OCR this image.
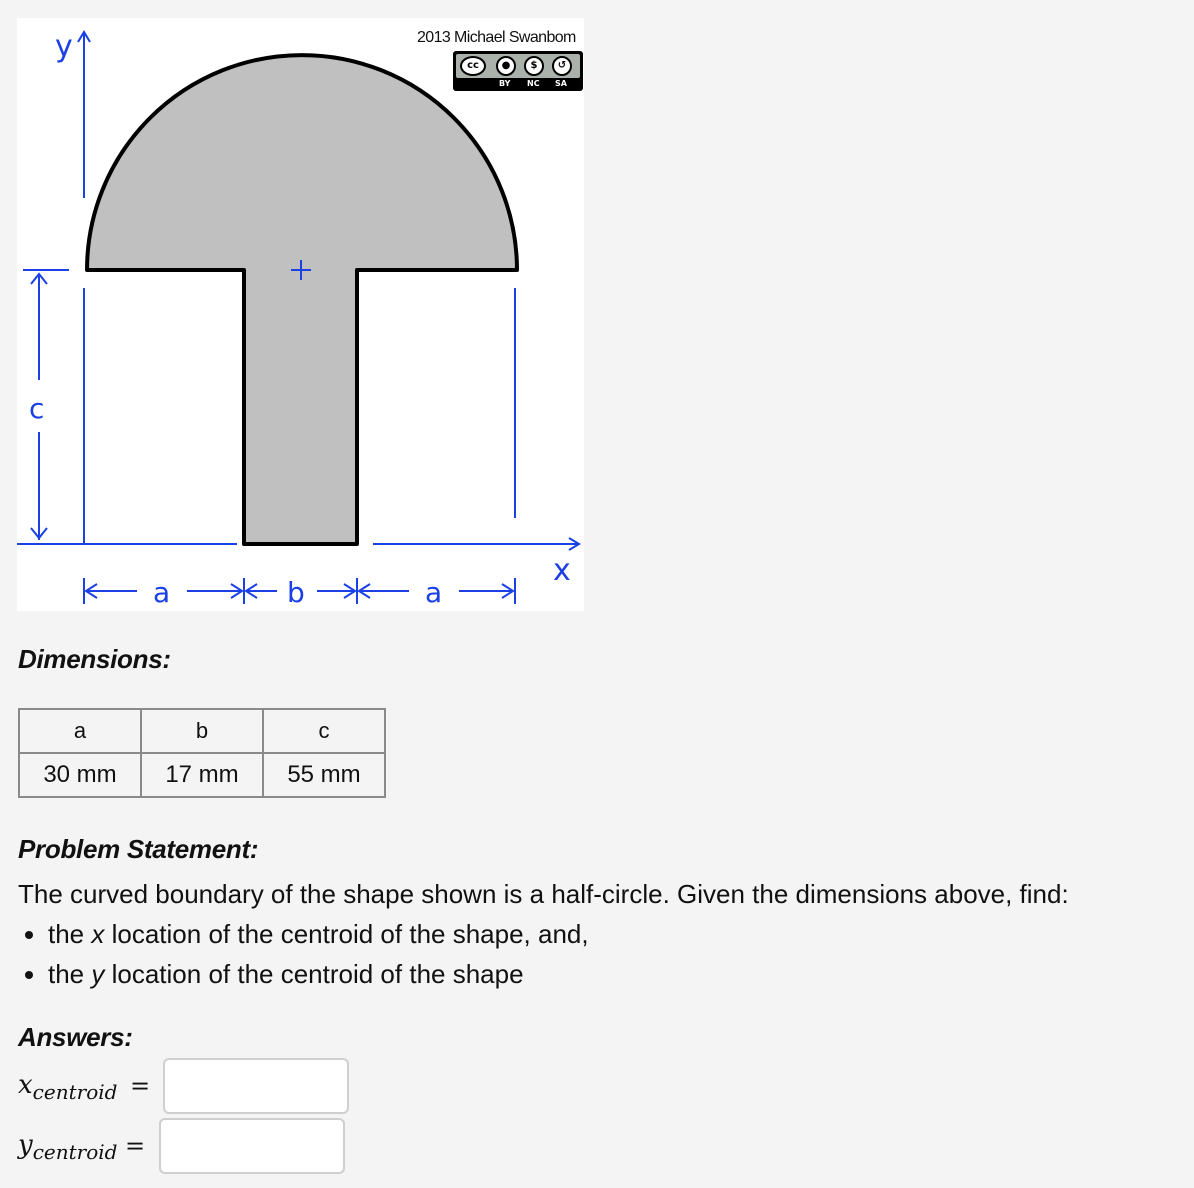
y
x
c
a	b	a
2013 Michael Swanbom
cc	●	$	↺
BY NC SA
Dimensions:
a	b	c
30 mm	17 mm	55 mm
Problem Statement:
The curved boundary of the shape shown is a half-circle. Given the dimensions above, find:
• the x location of the centroid of the shape, and,
• the y location of the centroid of the shape
Answers:
$x_{centroid}$ =
$y_{centroid}$ =
